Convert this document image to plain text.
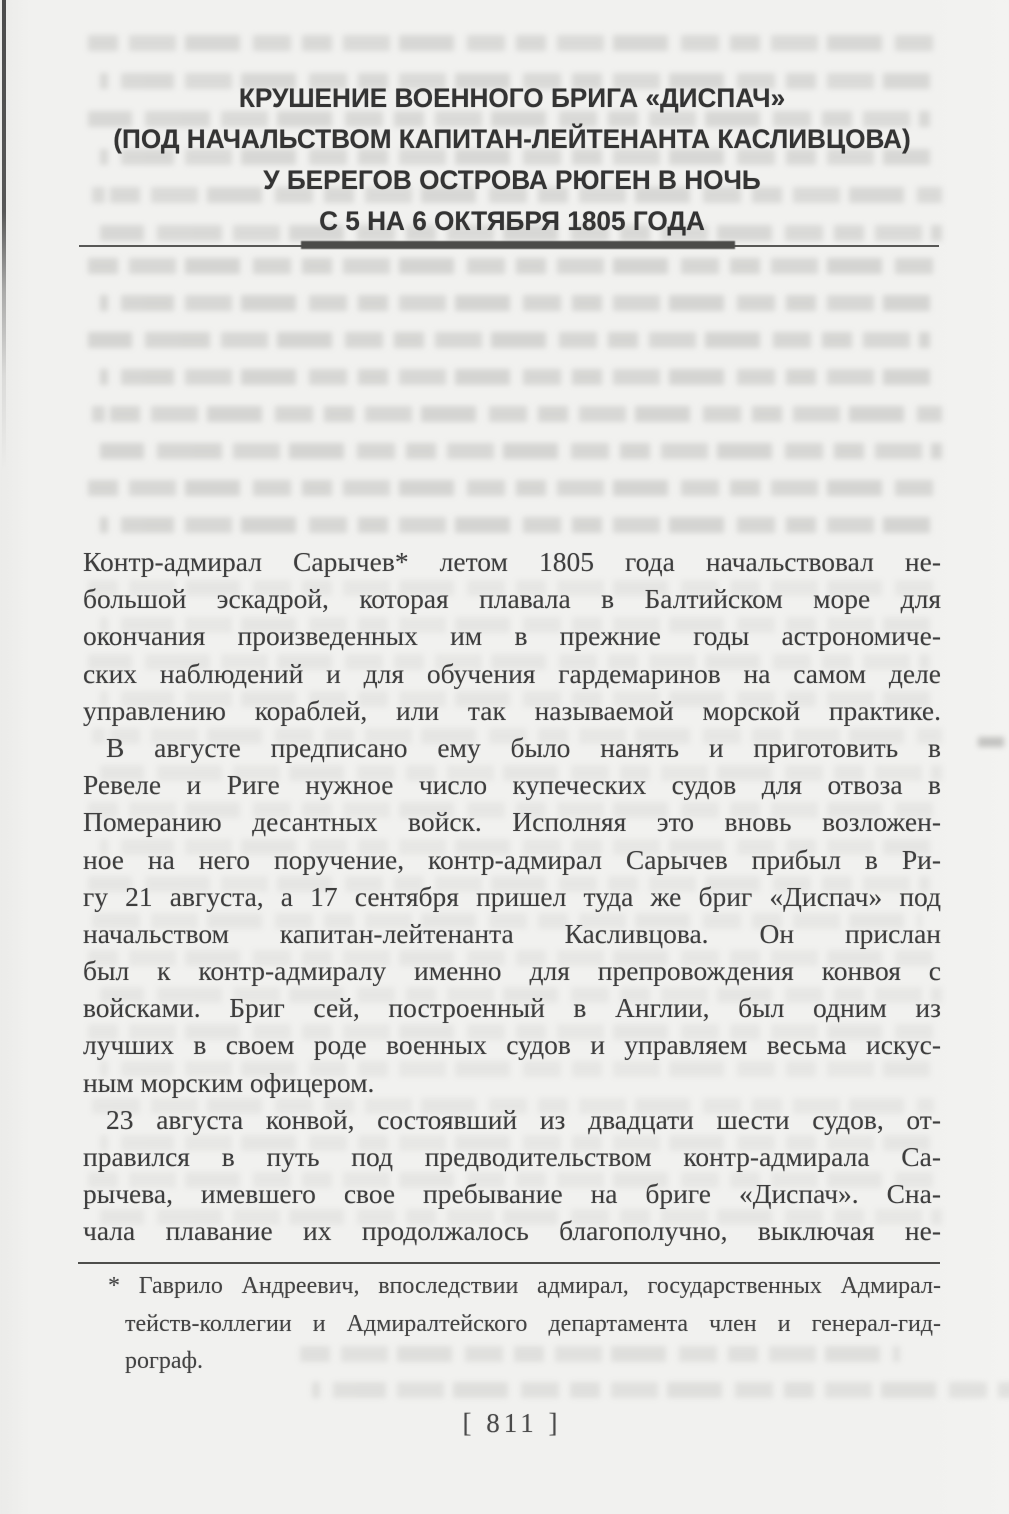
КРУШЕНИЕ ВОЕННОГО БРИГА «ДИСПАЧ»
(ПОД НАЧАЛЬСТВОМ КАПИТАН-ЛЕЙТЕНАНТА КАСЛИВЦОВА)
У БЕРЕГОВ ОСТРОВА РЮГЕН В НОЧЬ
С 5 НА 6 ОКТЯБРЯ 1805 ГОДА
Контр-адмирал Сарычев* летом 1805 года начальствовал не-
большой эскадрой, которая плавала в Балтийском море для
окончания произведенных им в прежние годы астрономиче-
ских наблюдений и для обучения гардемаринов на самом деле
управлению кораблей, или так называемой морской практике.
В августе предписано ему было нанять и приготовить в
Ревеле и Риге нужное число купеческих судов для отвоза в
Померанию десантных войск. Исполняя это вновь возложен-
ное на него поручение, контр-адмирал Сарычев прибыл в Ри-
гу 21 августа, а 17 сентября пришел туда же бриг «Диспач» под
начальством капитан-лейтенанта Касливцова. Он прислан
был к контр-адмиралу именно для препровождения конвоя с
войсками. Бриг сей, построенный в Англии, был одним из
лучших в своем роде военных судов и управляем весьма искус-
ным морским офицером.
23 августа конвой, состоявший из двадцати шести судов, от-
правился в путь под предводительством контр-адмирала Са-
рычева, имевшего свое пребывание на бриге «Диспач». Сна-
чала плавание их продолжалось благополучно, выключая не-
* Гаврило Андреевич, впоследствии адмирал, государственных Адмирал-
тейств-коллегии и Адмиралтейского департамента член и генерал-гид-
рограф.
[ 811 ]
